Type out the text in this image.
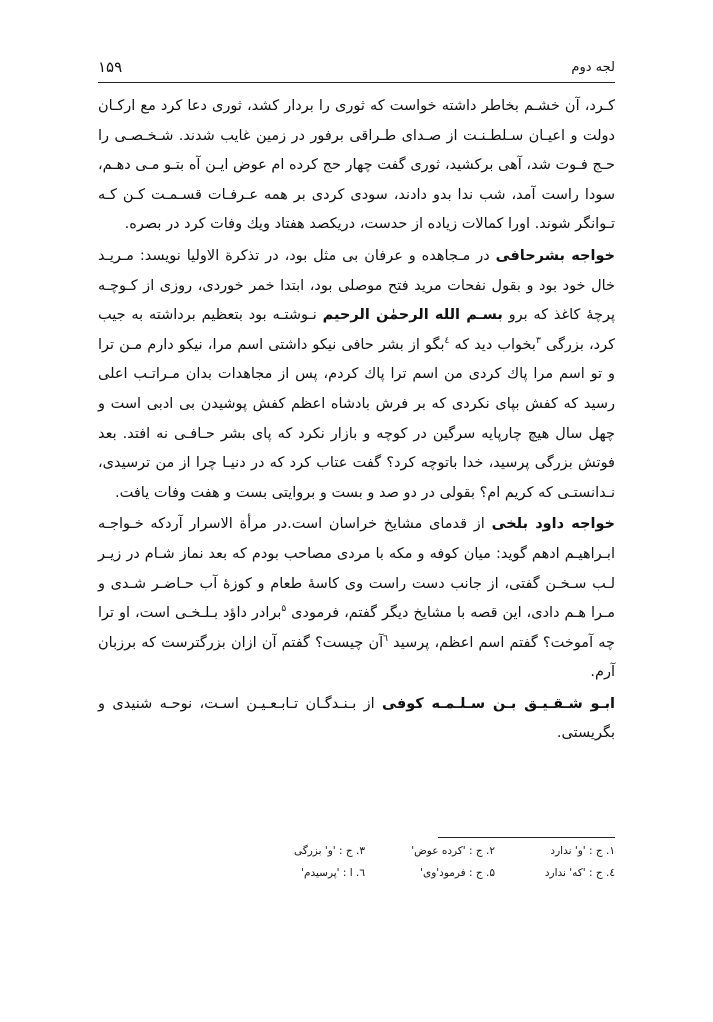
لجه دوم
۱۵۹

کـرد، آن خشـم بخاطر داشته خواست که ثوری را بردار کشد، ثوری دعا کرد مع ارکـان دولت و اعیـان سـلطـنـت از صـدای طـراقی برفور در زمین غایب شدند. شـخـصـی را حـج فـوت شد، آهی برکشید، ثوری گفت چهار حج کرده ام عوض ایـن آه بتـو مـی دهـم، سودا راست آمد، شب ندا بدو دادند، سودی کردی بر همه عـرفـات قسـمـت کـن کـه تـوانگر شوند. اورا کمالات زیاده از حدست، دریکصد هفتاد ویك وفات کرد در بصره.

خواجه بشرحافی در مـجاهده و عرفان بی مثل بود، در تذکرة الاولیا نویسد: مـریـد خال خود بود و بقول نفحات مرید فتح موصلی بود، ابتدا خمر خوردی، روزی از کـوچـه پرچهٔ کاغذ که برو بسـم الله الرحمٰن الرحیم نـوشتـه بود بتعظیم برداشته به جیب کرد، بزرگی $^۳$بخواب دید که $^٤$بگو از بشر حافی نیکو داشتی اسم مرا، نیکو دارم مـن ترا و تو اسم مرا پاك کردی من اسم ترا پاك کردم، پس از مجاهدات بدان مـراتـب اعلی رسید که کفش بپای نکردی که بر فرش بادشاه اعظم کفش پوشیدن بی ادبی است و چهل سال هیچ چارپایه سرگین در کوچه و بازار نکرد که پای بشر حـافـی نه افتد. بعد فوتش بزرگی پرسید، خدا باتوچه کرد؟ گفت عتاب کرد که در دنیـا چرا از من ترسیدی، نـدانستـی که کریم ام؟ بقولی در دو صد و بست و بروایتی بست و هفت وفات یافت.

خواجه داود بلخی از قدمای مشایخ خراسان است.در مرأة الاسرار آردکه خـواجـه ابـراهیـم ادهم گوید: میان کوفه و مکه با مردی مصاحب بودم که بعد نماز شـام در زیـر لـب سـخـن گفتی، از جانب دست راست وی کاسهٔ طعام و کوزهٔ آب حـاضـر شـدی و مـرا هـم دادی، این قصه با مشایخ دیگر گفتم، فرمودی $^۵$برادر داؤد بـلـخـی است، او ترا چه آموخت؟ گفتم اسم اعظم، پرسید $^٦$آن چیست؟ گفتم آن ازان بزرگترست که برزبان آرم.

ابـو شـقـیـق بـن سـلـمـه کوفی از بـنـدگـان تـابـعـیـن اسـت، نوحـه شنیدی و بگریستی.

۱. ج : 'و' ندارد
۲. ج : 'کرده عوض'
۳. ج : 'و' بزرگی
٤. ج : 'که' ندارد
۵. ج : فرمود'وی'
٦. ا : 'پرسیدم'
